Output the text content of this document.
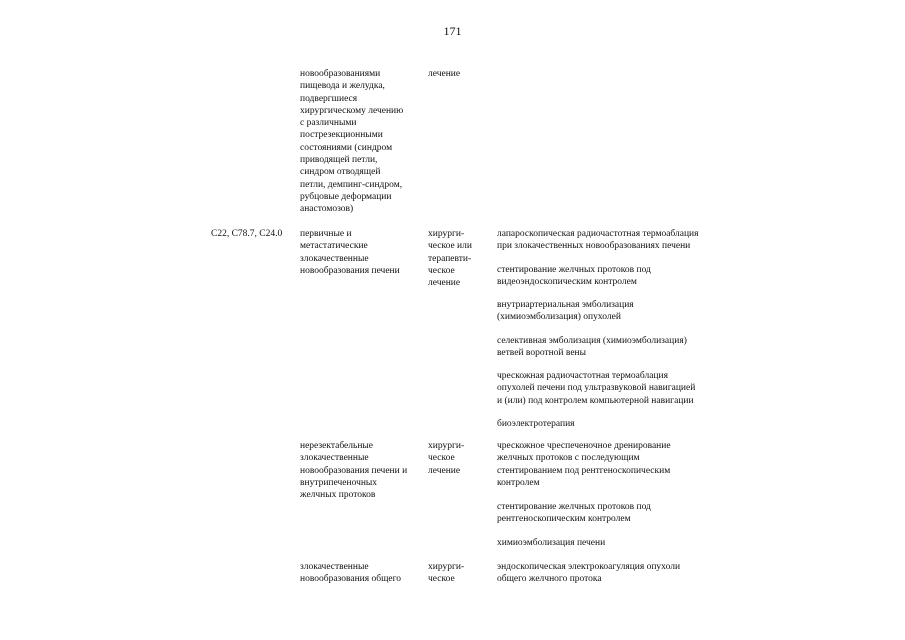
171
новообразованиями
пищевода и желудка,
подвергшиеся
хирургическому лечению
с различными
пострезекционными
состояниями (синдром
приводящей петли,
синдром отводящей
петли, демпинг-синдром,
рубцовые деформации
анастомозов)
лечение
C22, C78.7, C24.0	первичные и
метастатические
злокачественные
новообразования печени
хирурги-
ческое или
терапевти-
ческое
лечение
лапароскопическая радиочастотная термоаблация
при злокачественных новообразованиях печени
стентирование желчных протоков под
видеоэндоскопическим контролем
внутриартериальная эмболизация
(химиоэмболизация) опухолей
селективная эмболизация (химиоэмболизация)
ветвей воротной вены
чрескожная радиочастотная термоаблация
опухолей печени под ультразвуковой навигацией
и (или) под контролем компьютерной навигации
биоэлектротерапия
нерезектабельные
злокачественные
новообразования печени и
внутрипеченочных
желчных протоков
хирурги-
ческое
лечение
чрескожное чреспеченочное дренирование
желчных протоков с последующим
стентированием под рентгеноскопическим
контролем
стентирование желчных протоков под
рентгеноскопическим контролем
химиоэмболизация печени
злокачественные
новообразования общего
хирурги-
ческое
эндоскопическая электрокоагуляция опухоли
общего желчного протока
